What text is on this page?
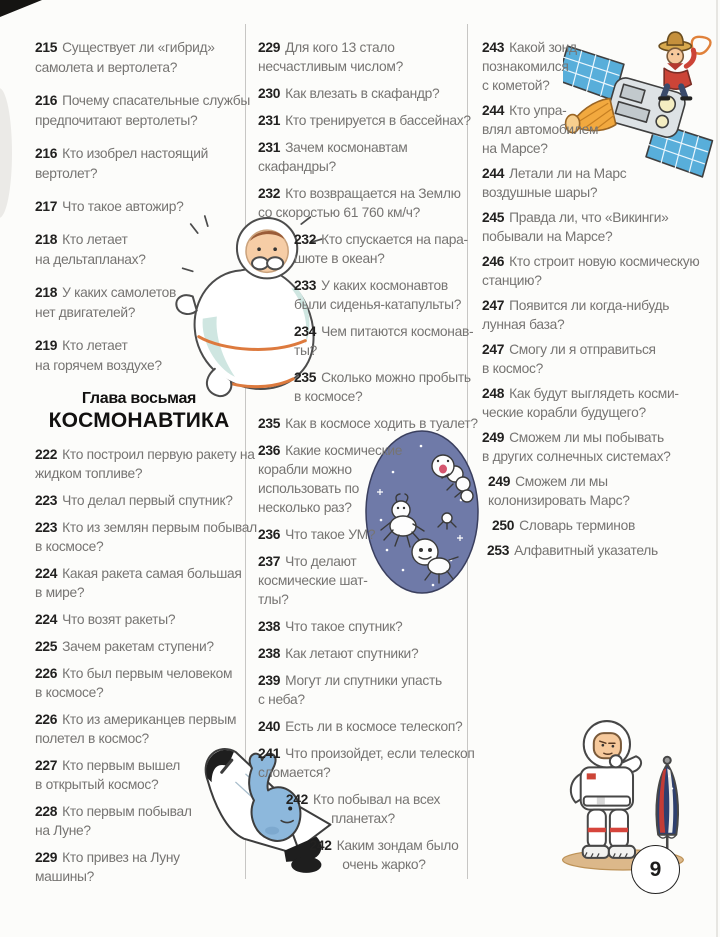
215 Существует ли «гибрид»
самолета и вертолета?

216 Почему спасательные службы
предпочитают вертолеты?

216 Кто изобрел настоящий
вертолет?

217 Что такое автожир?

218 Кто летает
на дельтапланах?

218 У каких самолетов
нет двигателей?

219 Кто летает
на горячем воздухе?

Глава восьмая
КОСМОНАВТИКА

222 Кто построил первую ракету на
жидком топливе?

223 Что делал первый спутник?

223 Кто из землян первым побывал
в космосе?

224 Какая ракета самая большая
в мире?

224 Что возят ракеты?

225 Зачем ракетам ступени?

226 Кто был первым человеком
в космосе?

226 Кто из американцев первым
полетел в космос?

227 Кто первым вышел
в открытый космос?

228 Кто первым побывал
на Луне?

229 Кто привез на Луну
машины?

229 Для кого 13 стало
несчастливым числом?

230 Как влезать в скафандр?

231 Кто тренируется в бассейнах?

231 Зачем космонавтам
скафандры?

232 Кто возвращается на Землю
со скоростью 61 760 км/ч?

232 Кто спускается на пара-
шюте в океан?

233 У каких космонавтов
были сиденья-катапульты?

234 Чем питаются космонав-
ты?

235 Сколько можно пробыть
в космосе?

235 Как в космосе ходить в туалет?

236 Какие космические
корабли можно
использовать по
несколько раз?

236 Что такое УМ?

237 Что делают
космические шат-
тлы?

238 Что такое спутник?

238 Как летают спутники?

239 Могут ли спутники упасть
с неба?

240 Есть ли в космосе телескоп?

241 Что произойдет, если телескоп
сломается?

242 Кто побывал на всех
планетах?

242 Каким зондам было
очень жарко?

243 Какой зонд
познакомился
с кометой?

244 Кто упра-
влял автомобилем
на Марсе?

244 Летали ли на Марс
воздушные шары?

245 Правда ли, что «Викинги»
побывали на Марсе?

246 Кто строит новую космическую
станцию?

247 Появится ли когда-нибудь
лунная база?

247 Смогу ли я отправиться
в космос?

248 Как будут выглядеть косми-
ческие корабли будущего?

249 Сможем ли мы побывать
в других солнечных системах?

249 Сможем ли мы
колонизировать Марс?

250 Словарь терминов

253 Алфавитный указатель

9
